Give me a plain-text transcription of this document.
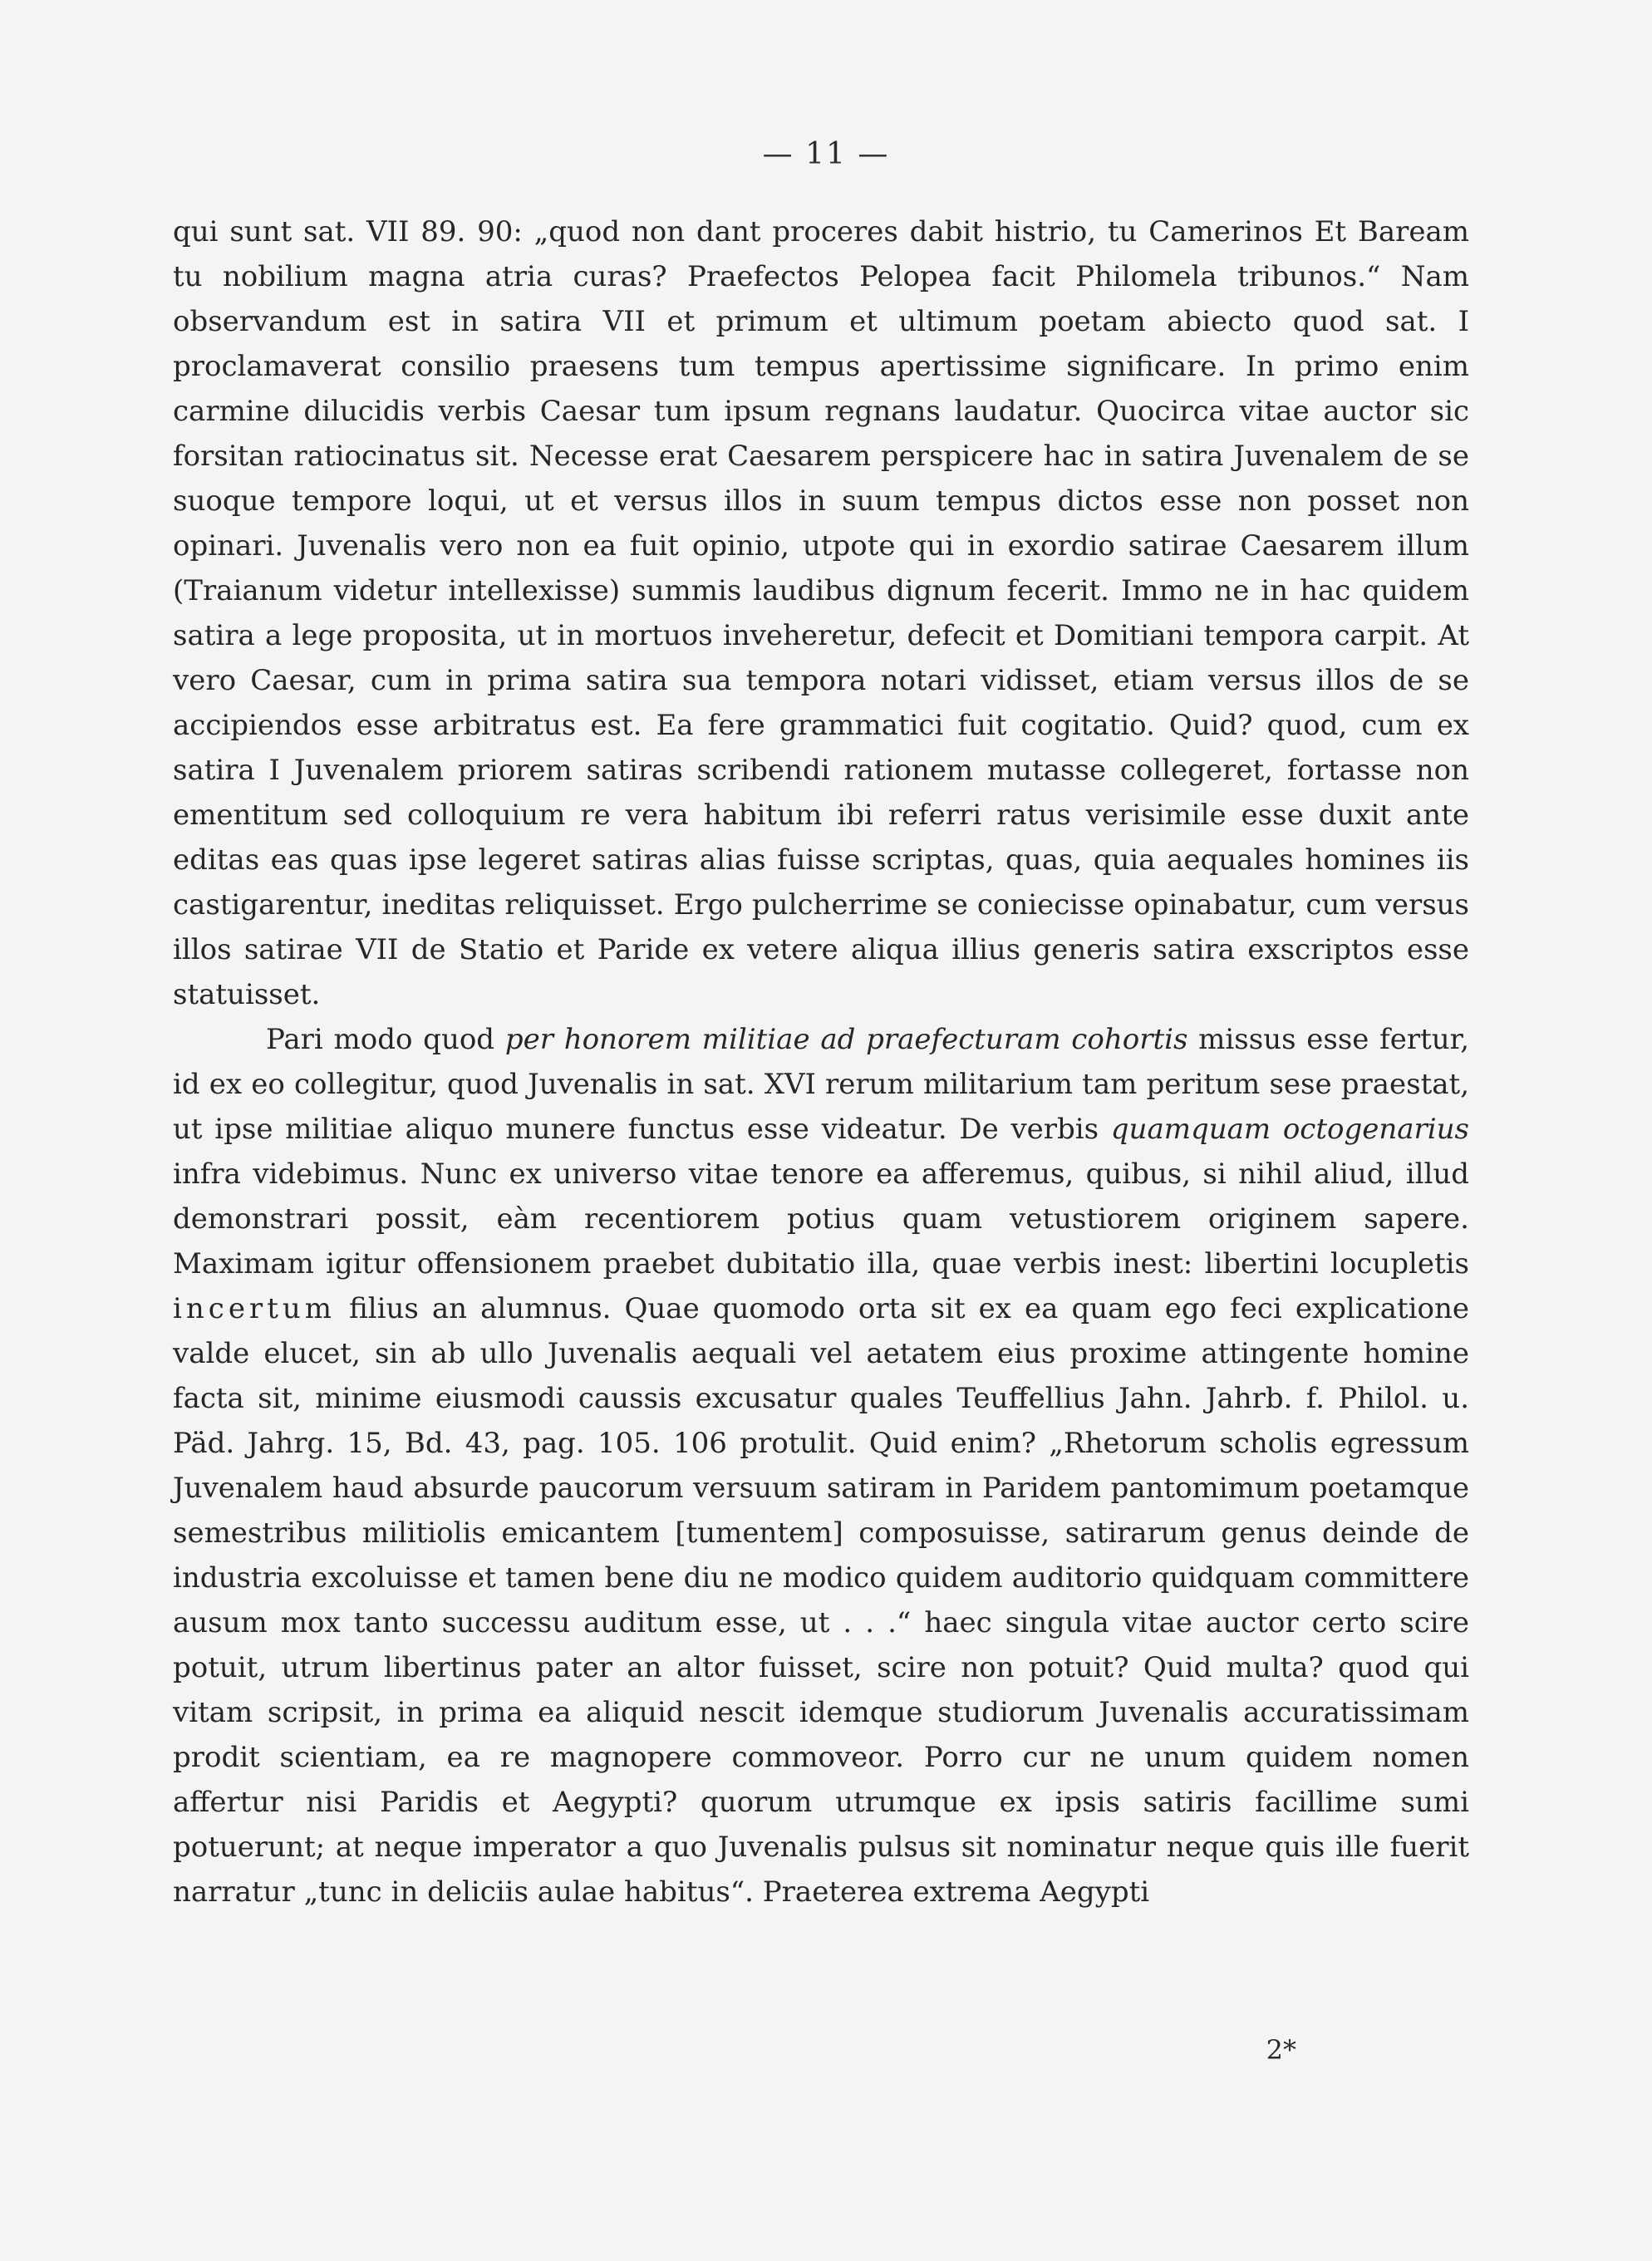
— 11 —

qui sunt sat. VII 89. 90: „quod non dant proceres dabit histrio, tu Camerinos Et Baream tu nobilium magna atria curas? Praefectos Pelopea facit Philomela tribunos.“ Nam observandum est in satira VII et primum et ultimum poetam abiecto quod sat. I proclamaverat consilio praesens tum tempus apertissime significare. In primo enim carmine dilucidis verbis Caesar tum ipsum regnans laudatur. Quocirca vitae auctor sic forsitan ratiocinatus sit. Necesse erat Caesarem perspicere hac in satira Juvenalem de se suoque tempore loqui, ut et versus illos in suum tempus dictos esse non posset non opinari. Juvenalis vero non ea fuit opinio, utpote qui in exordio satirae Caesarem illum (Traianum videtur intellexisse) summis laudibus dignum fecerit. Immo ne in hac quidem satira a lege proposita, ut in mortuos inveheretur, defecit et Domitiani tempora carpit. At vero Caesar, cum in prima satira sua tempora notari vidisset, etiam versus illos de se accipiendos esse arbitratus est. Ea fere grammatici fuit cogitatio. Quid? quod, cum ex satira I Juvenalem priorem satiras scribendi rationem mutasse collegeret, fortasse non ementitum sed colloquium re vera habitum ibi referri ratus verisimile esse duxit ante editas eas quas ipse legeret satiras alias fuisse scriptas, quas, quia aequales homines iis castigarentur, ineditas reliquisset. Ergo pulcherrime se coniecisse opinabatur, cum versus illos satirae VII de Statio et Paride ex vetere aliqua illius generis satira exscriptos esse statuisset.

Pari modo quod per honorem militiae ad praefecturam cohortis missus esse fertur, id ex eo collegitur, quod Juvenalis in sat. XVI rerum militarium tam peritum sese praestat, ut ipse militiae aliquo munere functus esse videatur. De verbis quamquam octogenarius infra videbimus. Nunc ex universo vitae tenore ea afferemus, quibus, si nihil aliud, illud demonstrari possit, eàm recentiorem potius quam vetustiorem originem sapere. Maximam igitur offensionem praebet dubitatio illa, quae verbis inest: libertini locupletis incertum filius an alumnus. Quae quomodo orta sit ex ea quam ego feci explicatione valde elucet, sin ab ullo Juvenalis aequali vel aetatem eius proxime attingente homine facta sit, minime eiusmodi caussis excusatur quales Teuffellius Jahn. Jahrb. f. Philol. u. Päd. Jahrg. 15, Bd. 43, pag. 105. 106 protulit. Quid enim? „Rhetorum scholis egressum Juvenalem haud absurde paucorum versuum satiram in Paridem pantomimum poetamque semestribus militiolis emicantem [tumentem] composuisse, satirarum genus deinde de industria excoluisse et tamen bene diu ne modico quidem auditorio quidquam committere ausum mox tanto successu auditum esse, ut . . .“ haec singula vitae auctor certo scire potuit, utrum libertinus pater an altor fuisset, scire non potuit? Quid multa? quod qui vitam scripsit, in prima ea aliquid nescit idemque studiorum Juvenalis accuratissimam prodit scientiam, ea re magnopere commoveor. Porro cur ne unum quidem nomen affertur nisi Paridis et Aegypti? quorum utrumque ex ipsis satiris facillime sumi potuerunt; at neque imperator a quo Juvenalis pulsus sit nominatur neque quis ille fuerit narratur „tunc in deliciis aulae habitus“. Praeterea extrema Aegypti

2*
